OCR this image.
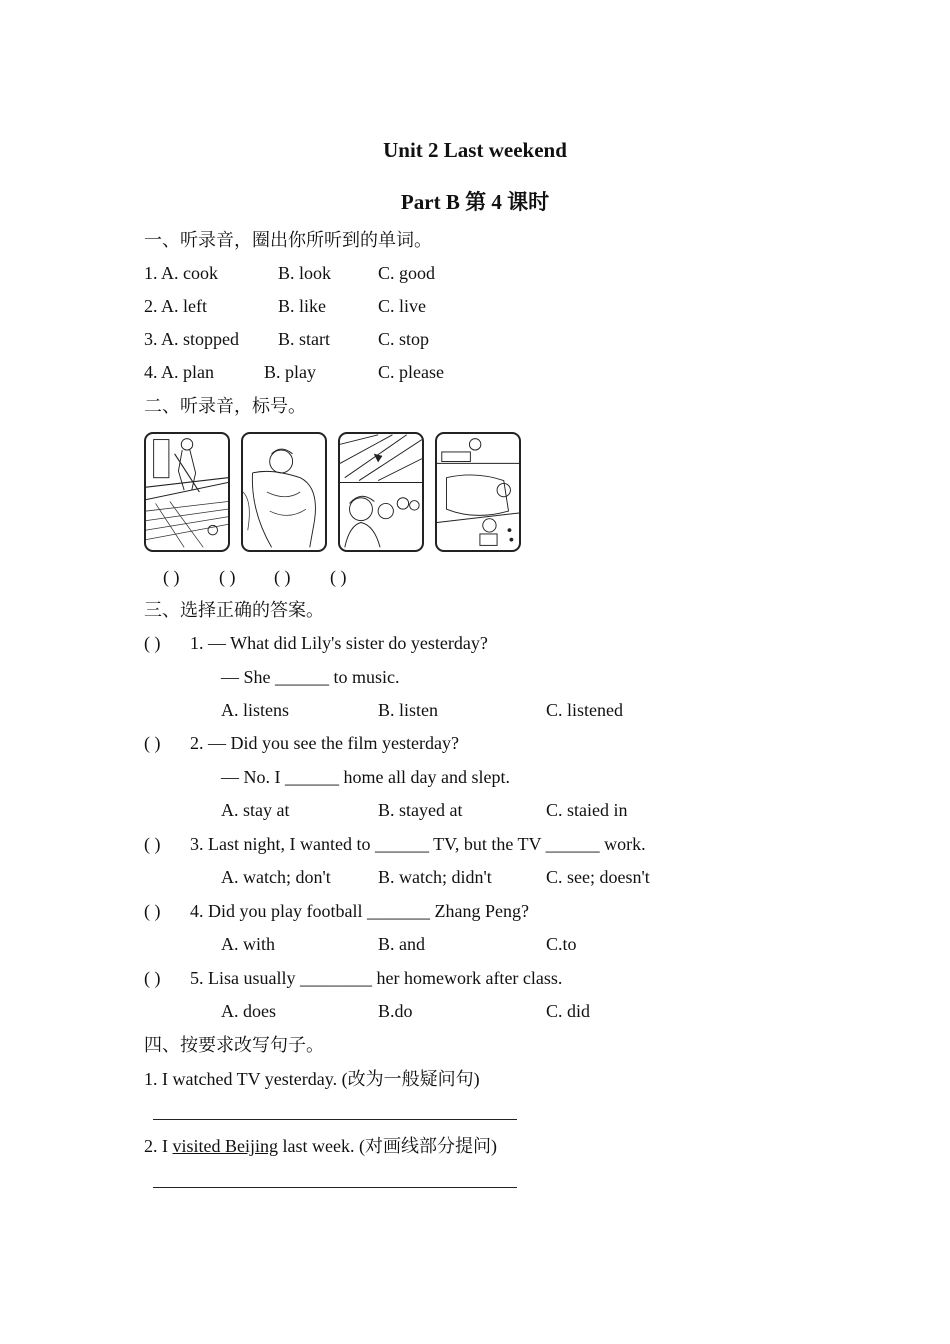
Unit 2 Last weekend
Part B 第 4 课时
一、听录音，圈出你所听到的单词。
1. A. cook	B. look	C. good
2. A. left	B. like	C. live
3. A. stopped B. start	C. stop
4. A. plan	B. play	C. please
二、听录音，标号。
( ) ( ) ( ) ( )
三、选择正确的答案。
( ) 1. — What did Lily's sister do yesterday?
— She ______ to music.
A. listens	B. listen	C. listened
( ) 2. — Did you see the film yesterday?
— No. I ______ home all day and slept.
A. stay at	B. stayed at	C. staied in
( ) 3. Last night, I wanted to ______ TV, but the TV ______ work.
A. watch; don't	B. watch; didn't	C. see; doesn't
( ) 4. Did you play football _______ Zhang Peng?
A. with	B. and	C.to
( ) 5. Lisa usually ________ her homework after class.
A. does	B.do	C. did
四、按要求改写句子。
1. I watched TV yesterday. (改为一般疑问句)
2. I visited Beijing last week. (对画线部分提问)
